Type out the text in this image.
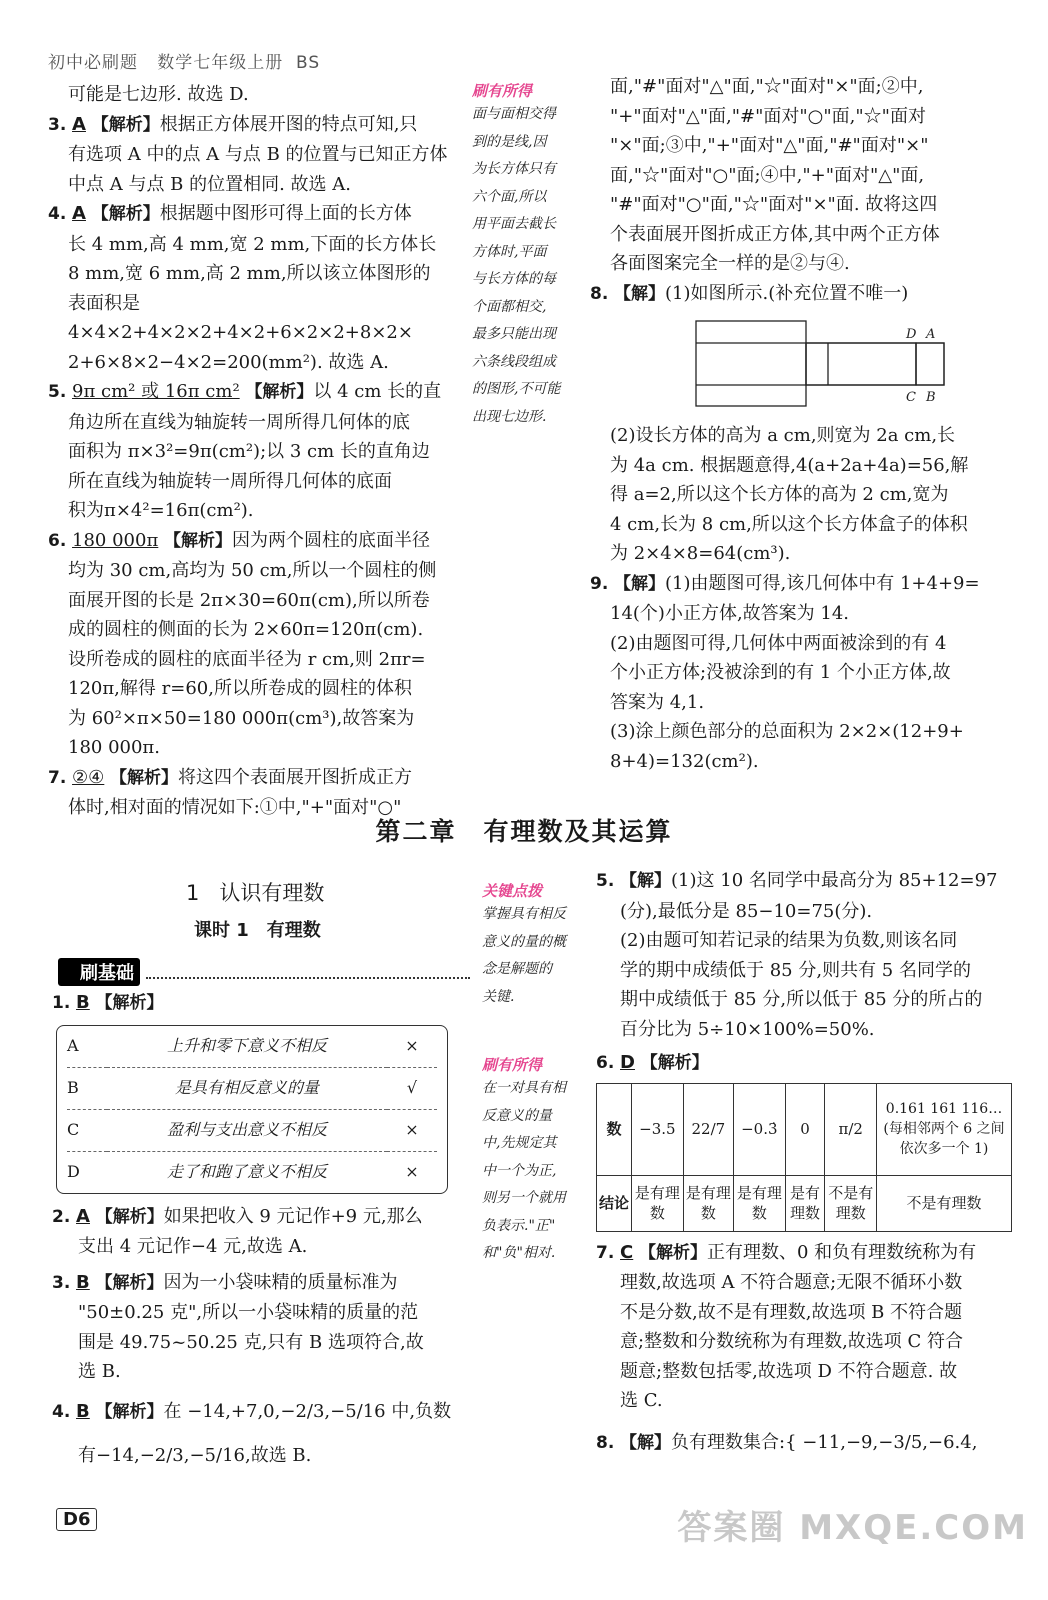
初中必刷题 数学七年级上册 BS
可能是七边形. 故选 D.
3. A 【解析】根据正方体展开图的特点可知,只
有选项 A 中的点 A 与点 B 的位置与已知正方体
中点 A 与点 B 的位置相同. 故选 A.
4. A 【解析】根据题中图形可得上面的长方体
长 4 mm,高 4 mm,宽 2 mm,下面的长方体长
8 mm,宽 6 mm,高 2 mm,所以该立体图形的
表面积是 4×4×2+4×2×2+4×2+6×2×2+8×2×
2+6×8×2−4×2=200(mm²). 故选 A.
5. 9π cm² 或 16π cm² 【解析】以 4 cm 长的直
角边所在直线为轴旋转一周所得几何体的底
面积为 π×3²=9π(cm²);以 3 cm 长的直角边
所在直线为轴旋转一周所得几何体的底面
积为π×4²=16π(cm²).
6. 180 000π 【解析】因为两个圆柱的底面半径
均为 30 cm,高均为 50 cm,所以一个圆柱的侧
面展开图的长是 2π×30=60π(cm),所以所卷
成的圆柱的侧面的长为 2×60π=120π(cm).
设所卷成的圆柱的底面半径为 r cm,则 2πr=
120π,解得 r=60,所以所卷成的圆柱的体积
为 60²×π×50=180 000π(cm³),故答案为
180 000π.
7. ②④ 【解析】将这四个表面展开图折成正方
体时,相对面的情况如下:①中,"+"面对"○"
刷有所得
面与面相交得
到的是线,因
为长方体只有
六个面,所以
用平面去截长
方体时,平面
与长方体的每
个面都相交,
最多只能出现
六条线段组成
的图形,不可能
出现七边形.
面,"#"面对"△"面,"☆"面对"×"面;②中,
"+"面对"△"面,"#"面对"○"面,"☆"面对
"×"面;③中,"+"面对"△"面,"#"面对"×"
面,"☆"面对"○"面;④中,"+"面对"△"面,
"#"面对"○"面,"☆"面对"×"面. 故将这四
个表面展开图折成正方体,其中两个正方体
各面图案完全一样的是②与④.
8. 【解】(1)如图所示.(补充位置不唯一)
D A
C B
(2)设长方体的高为 a cm,则宽为 2a cm,长
为 4a cm. 根据题意得,4(a+2a+4a)=56,解
得 a=2,所以这个长方体的高为 2 cm,宽为
4 cm,长为 8 cm,所以这个长方体盒子的体积
为 2×4×8=64(cm³).
9. 【解】(1)由题图可得,该几何体中有 1+4+9=
14(个)小正方体,故答案为 14.
(2)由题图可得,几何体中两面被涂到的有 4
个小正方体;没被涂到的有 1 个小正方体,故
答案为 4,1.
(3)涂上颜色部分的总面积为 2×2×(12+9+
8+4)=132(cm²).
第二章　有理数及其运算
1 认识有理数
课时 1　有理数
刷基础
1. B 【解析】
A	上升和零下意义不相反	×
B	是具有相反意义的量	√
C	盈利与支出意义不相反	×
D	走了和跑了意义不相反	×
2. A 【解析】如果把收入 9 元记作+9 元,那么
支出 4 元记作−4 元,故选 A.
3. B 【解析】因为一小袋味精的质量标准为
"50±0.25 克",所以一小袋味精的质量的范
围是 49.75~50.25 克,只有 B 选项符合,故
选 B.
4. B 【解析】在 −14,+7,0,−2/3,−5/16 中,负数
有−14,−2/3,−5/16,故选 B.
关键点拨
掌握具有相反
意义的量的概
念是解题的
关键.
刷有所得
在一对具有相
反意义的量
中,先规定其
中一个为正,
则另一个就用
负表示."正"
和"负"相对.
5. 【解】(1)这 10 名同学中最高分为 85+12=97
(分),最低分是 85−10=75(分).
(2)由题可知若记录的结果为负数,则该名同
学的期中成绩低于 85 分,则共有 5 名同学的
期中成绩低于 85 分,所以低于 85 分的所占的
百分比为 5÷10×100%=50%.
6. D 【解析】
数	−3.5	22/7	−0.3̇	0	π/2	0.161 161 116…(每相邻两个 6 之间依次多一个 1)
结论	是有理数	是有理数	是有理数	是有理数	不是有理数	不是有理数
7. C 【解析】正有理数、0 和负有理数统称为有
理数,故选项 A 不符合题意;无限不循环小数
不是分数,故不是有理数,故选项 B 不符合题
意;整数和分数统称为有理数,故选项 C 符合
题意;整数包括零,故选项 D 不符合题意. 故
选 C.
8. 【解】负有理数集合:{ −11,−9,−3/5,−6.4,
D6	答案圈 MXQE.COM
